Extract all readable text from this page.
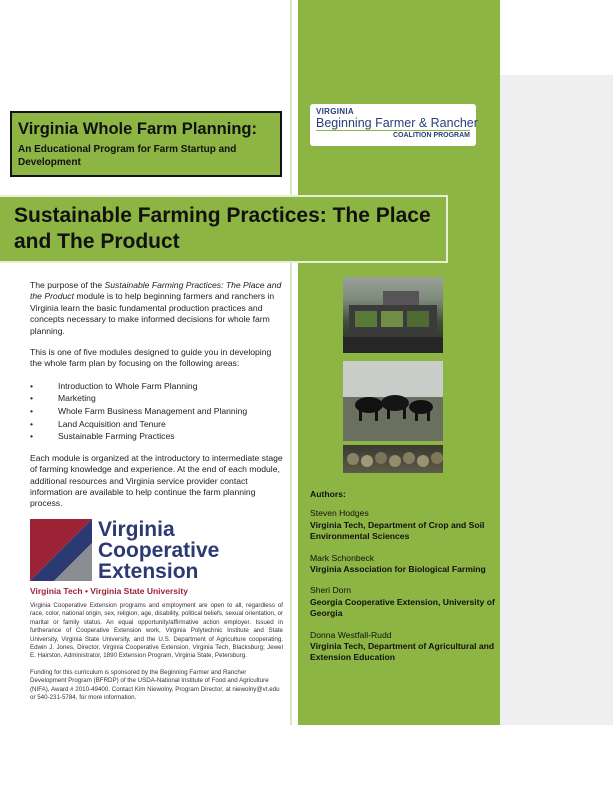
VIRGINIA
Beginning Farmer & Rancher
COALITION PROGRAM
Virginia Whole Farm Planning:
An Educational Program for Farm Startup and Development
Sustainable Farming Practices: The Place and The Product

The purpose of the Sustainable Farming Practices: The Place and the Product module is to help beginning farmers and ranchers in Virginia learn the basic fundamental production practices and concepts necessary to make informed decisions for whole farm planning.

This is one of five modules designed to guide you in developing the whole farm plan by focusing on the following areas:

•	Introduction to Whole Farm Planning
•	Marketing
•	Whole Farm Business Management and Planning
•	Land Acquisition and Tenure
•	Sustainable Farming Practices

Each module is organized at the introductory to intermediate stage of farming knowledge and experience. At the end of each module, additional resources and Virginia service provider contact information are available to help continue the farm planning process.

Virginia
Cooperative
Extension
Virginia Tech • Virginia State University
Virginia Cooperative Extension programs and employment are open to all, regardless of race, color, national origin, sex, religion, age, disability, political beliefs, sexual orientation, or marital or family status. An equal opportunity/affirmative action employer. Issued in furtherance of Cooperative Extension work, Virginia Polytechnic Institute and State University, Virginia State University, and the U.S. Department of Agriculture cooperating. Edwin J. Jones, Director, Virginia Cooperative Extension, Virginia Tech, Blacksburg; Jewel E. Hairston, Administrator, 1890 Extension Program, Virginia State, Petersburg.
Funding for this curriculum is sponsored by the Beginning Farmer and Rancher Development Program (BFRDP) of the USDA-National Institute of Food and Agriculture (NIFA), Award # 2010-49400. Contact Kim Niewolny, Program Director, at niewolny@vt.edu or 540-231-5784, for more information.
Authors:
Steven Hodges
Virginia Tech, Department of Crop and Soil Environmental Sciences
Mark Schonbeck
Virginia Association for Biological Farming
Sheri Dorn
Georgia Cooperative Extension, University of Georgia
Donna Westfall-Rudd
Virginia Tech, Department of Agricultural and Extension Education
